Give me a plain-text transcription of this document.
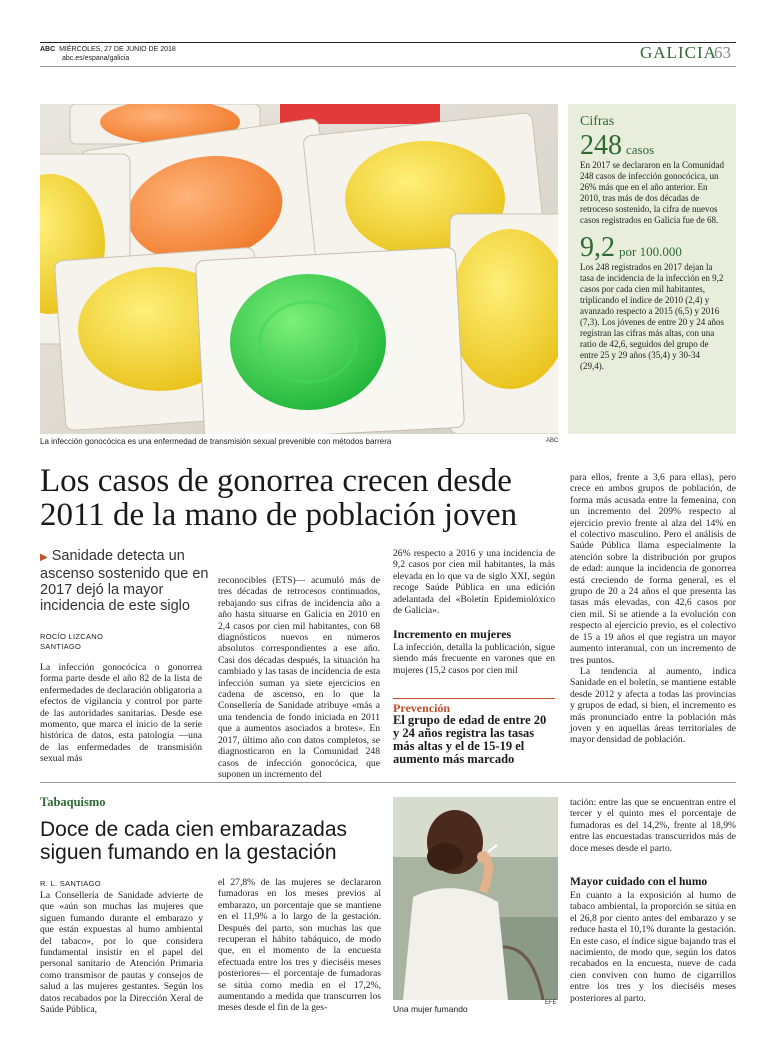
ABC MIÉRCOLES, 27 DE JUNIO DE 2018
abc.es/espana/galicia	GALICIA
63
La infección gonocócica es una enfermedad de transmisión sexual prevenible con métodos barrera	ABC
Cifras
248 casos
En 2017 se declararon en la Comunidad 248 casos de infección gonocócica, un 26% más que en el año anterior. En 2010, tras más de dos décadas de retroceso sostenido, la cifra de nuevos casos registrados en Galicia fue de 68.
9,2 por 100.000
Los 248 registrados en 2017 dejan la tasa de incidencia de la infección en 9,2 casos por cada cien mil habitantes, triplicando el índice de 2010 (2,4) y avanzado respecto a 2015 (6,5) y 2016 (7,3). Los jóvenes de entre 20 y 24 años registran las cifras más altas, con una ratio de 42,6, seguidos del grupo de entre 25 y 29 años (35,4) y 30-34 (29,4).
Los casos de gonorrea crecen desde 2011 de la mano de población joven
▶ Sanidade detecta un ascenso sostenido que en 2017 dejó la mayor incidencia de este siglo
ROCÍO LIZCANO
SANTIAGO
La infección gonocócica o gonorrea forma parte desde el año 82 de la lista de enfermedades de declaración obligatoria a efectos de vigilancia y control por parte de las autoridades sanitarias. Desde ese momento, que marca el inicio de la serie histórica de datos, esta patología —una de las enfermedades de transmisión sexual más
reconocibles (ETS)— acumuló más de tres décadas de retrocesos continuados, rebajando sus cifras de incidencia año a año hasta situarse en Galicia en 2010 en 2,4 casos por cien mil habitantes, con 68 diagnósticos nuevos en números absolutos correspondientes a ese año. Casi dos décadas después, la situación ha cambiado y las tasas de incidencia de esta infección suman ya siete ejercicios en cadena de ascenso, en lo que la Consellería de Sanidade atribuye «más a una tendencia de fondo iniciada en 2011 que a aumentos asociados a brotes». En 2017, último año con datos completos, se diagnosticaron en la Comunidad 248 casos de infección gonocócica, que suponen un incremento del
26% respecto a 2016 y una incidencia de 9,2 casos por cien mil habitantes, la más elevada en lo que va de siglo XXI, según recoge Saúde Pública en una edición adelantada del «Boletín Epidemiolóxico de Galicia».
Incremento en mujeres
La infección, detalla la publicación, sigue siendo más frecuente en varones que en mujeres (15,2 casos por cien mil
Prevención
El grupo de edad de entre 20 y 24 años registra las tasas más altas y el de 15-19 el aumento más marcado
para ellos, frente a 3,6 para ellas), pero crece en ambos grupos de población, de forma más acusada entre la femenina, con un incremento del 209% respecto al ejercicio previo frente al alza del 14% en el colectivo masculino. Pero el análisis de Saúde Pública llama especialmente la atención sobre la distribución por grupos de edad: aunque la incidencia de gonorrea está creciendo de forma general, es el grupo de 20 a 24 años el que presenta las tasas más elevadas, con 42,6 casos por cien mil. Si se atiende a la evolución con respecto al ejercicio previo, es el colectivo de 15 a 19 años el que registra un mayor aumento interanual, con un incremento de tres puntos.
La tendencia al aumento, indica Sanidade en el boletín, se mantiene estable desde 2012 y afecta a todas las provincias y grupos de edad, si bien, el incremento es más pronunciado entre la población más joven y en aquellas áreas territoriales de mayor densidad de población.
Tabaquismo
Doce de cada cien embarazadas siguen fumando en la gestación
R. L. SANTIAGO
La Consellería de Sanidade advierte de que «aún son muchas las mujeres que siguen fumando durante el embarazo y que están expuestas al humo ambiental del tabaco», por lo que considera fundamental insistir en el papel del personal sanitario de Atención Primaria como transmisor de pautas y consejos de salud a las mujeres gestantes. Según los datos recabados por la Dirección Xeral de Saúde Pública,
el 27,8% de las mujeres se declararon fumadoras en los meses previos al embarazo, un porcentaje que se mantiene en el 11,9% a lo largo de la gestación. Después del parto, son muchas las que recuperan el hábito tabáquico, de modo que, en el momento de la encuesta efectuada entre los tres y dieciséis meses posteriores— el porcentaje de fumadoras se sitúa como media en el 17,2%, aumentando a medida que transcurren los meses desde el fin de la ges-	Una mujer fumando
EFE
tación: entre las que se encuentran entre el tercer y el quinto mes el porcentaje de fumadoras es del 14,2%, frente al 18,9% entre las encuestadas transcurridos más de doce meses desde el parto.
Mayor cuidado con el humo
En cuanto a la exposición al humo de tabaco ambiental, la proporción se sitúa en el 26,8 por ciento antes del embarazo y se reduce hasta el 10,1% durante la gestación. En este caso, el índice sigue bajando tras el nacimiento, de modo que, según los datos recabados en la encuesta, nueve de cada cien conviven con humo de cigarrillos entre los tres y los dieciséis meses posteriores al parto.
